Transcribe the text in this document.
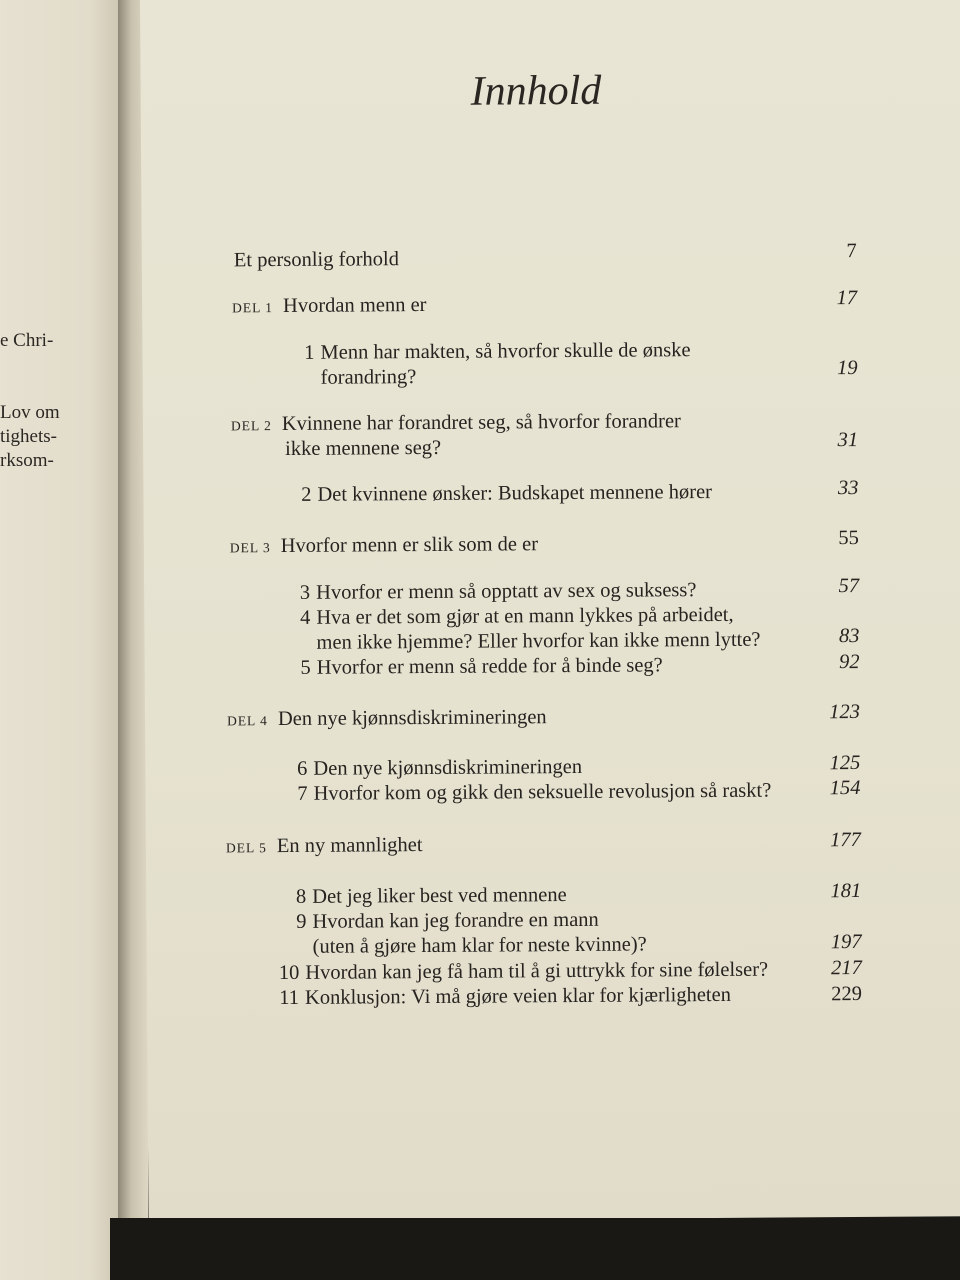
e Chri-
Lov om
tighets-
rksom-
Innhold
Et personlig forhold	7
DEL 1 Hvordan menn er	17
1 Menn har makten, så hvorfor skulle de ønske
forandring?	19
DEL 2 Kvinnene har forandret seg, så hvorfor forandrer
ikke mennene seg?	31
2 Det kvinnene ønsker: Budskapet mennene hører	33
DEL 3 Hvorfor menn er slik som de er	55
3 Hvorfor er menn så opptatt av sex og suksess?	57
4 Hva er det som gjør at en mann lykkes på arbeidet,
men ikke hjemme? Eller hvorfor kan ikke menn lytte?	83
5 Hvorfor er menn så redde for å binde seg?	92
DEL 4 Den nye kjønnsdiskrimineringen	123
6 Den nye kjønnsdiskrimineringen	125
7 Hvorfor kom og gikk den seksuelle revolusjon så raskt?	154
DEL 5 En ny mannlighet	177
8 Det jeg liker best ved mennene	181
9 Hvordan kan jeg forandre en mann
(uten å gjøre ham klar for neste kvinne)?	197
10 Hvordan kan jeg få ham til å gi uttrykk for sine følelser?	217
11 Konklusjon: Vi må gjøre veien klar for kjærligheten	229
